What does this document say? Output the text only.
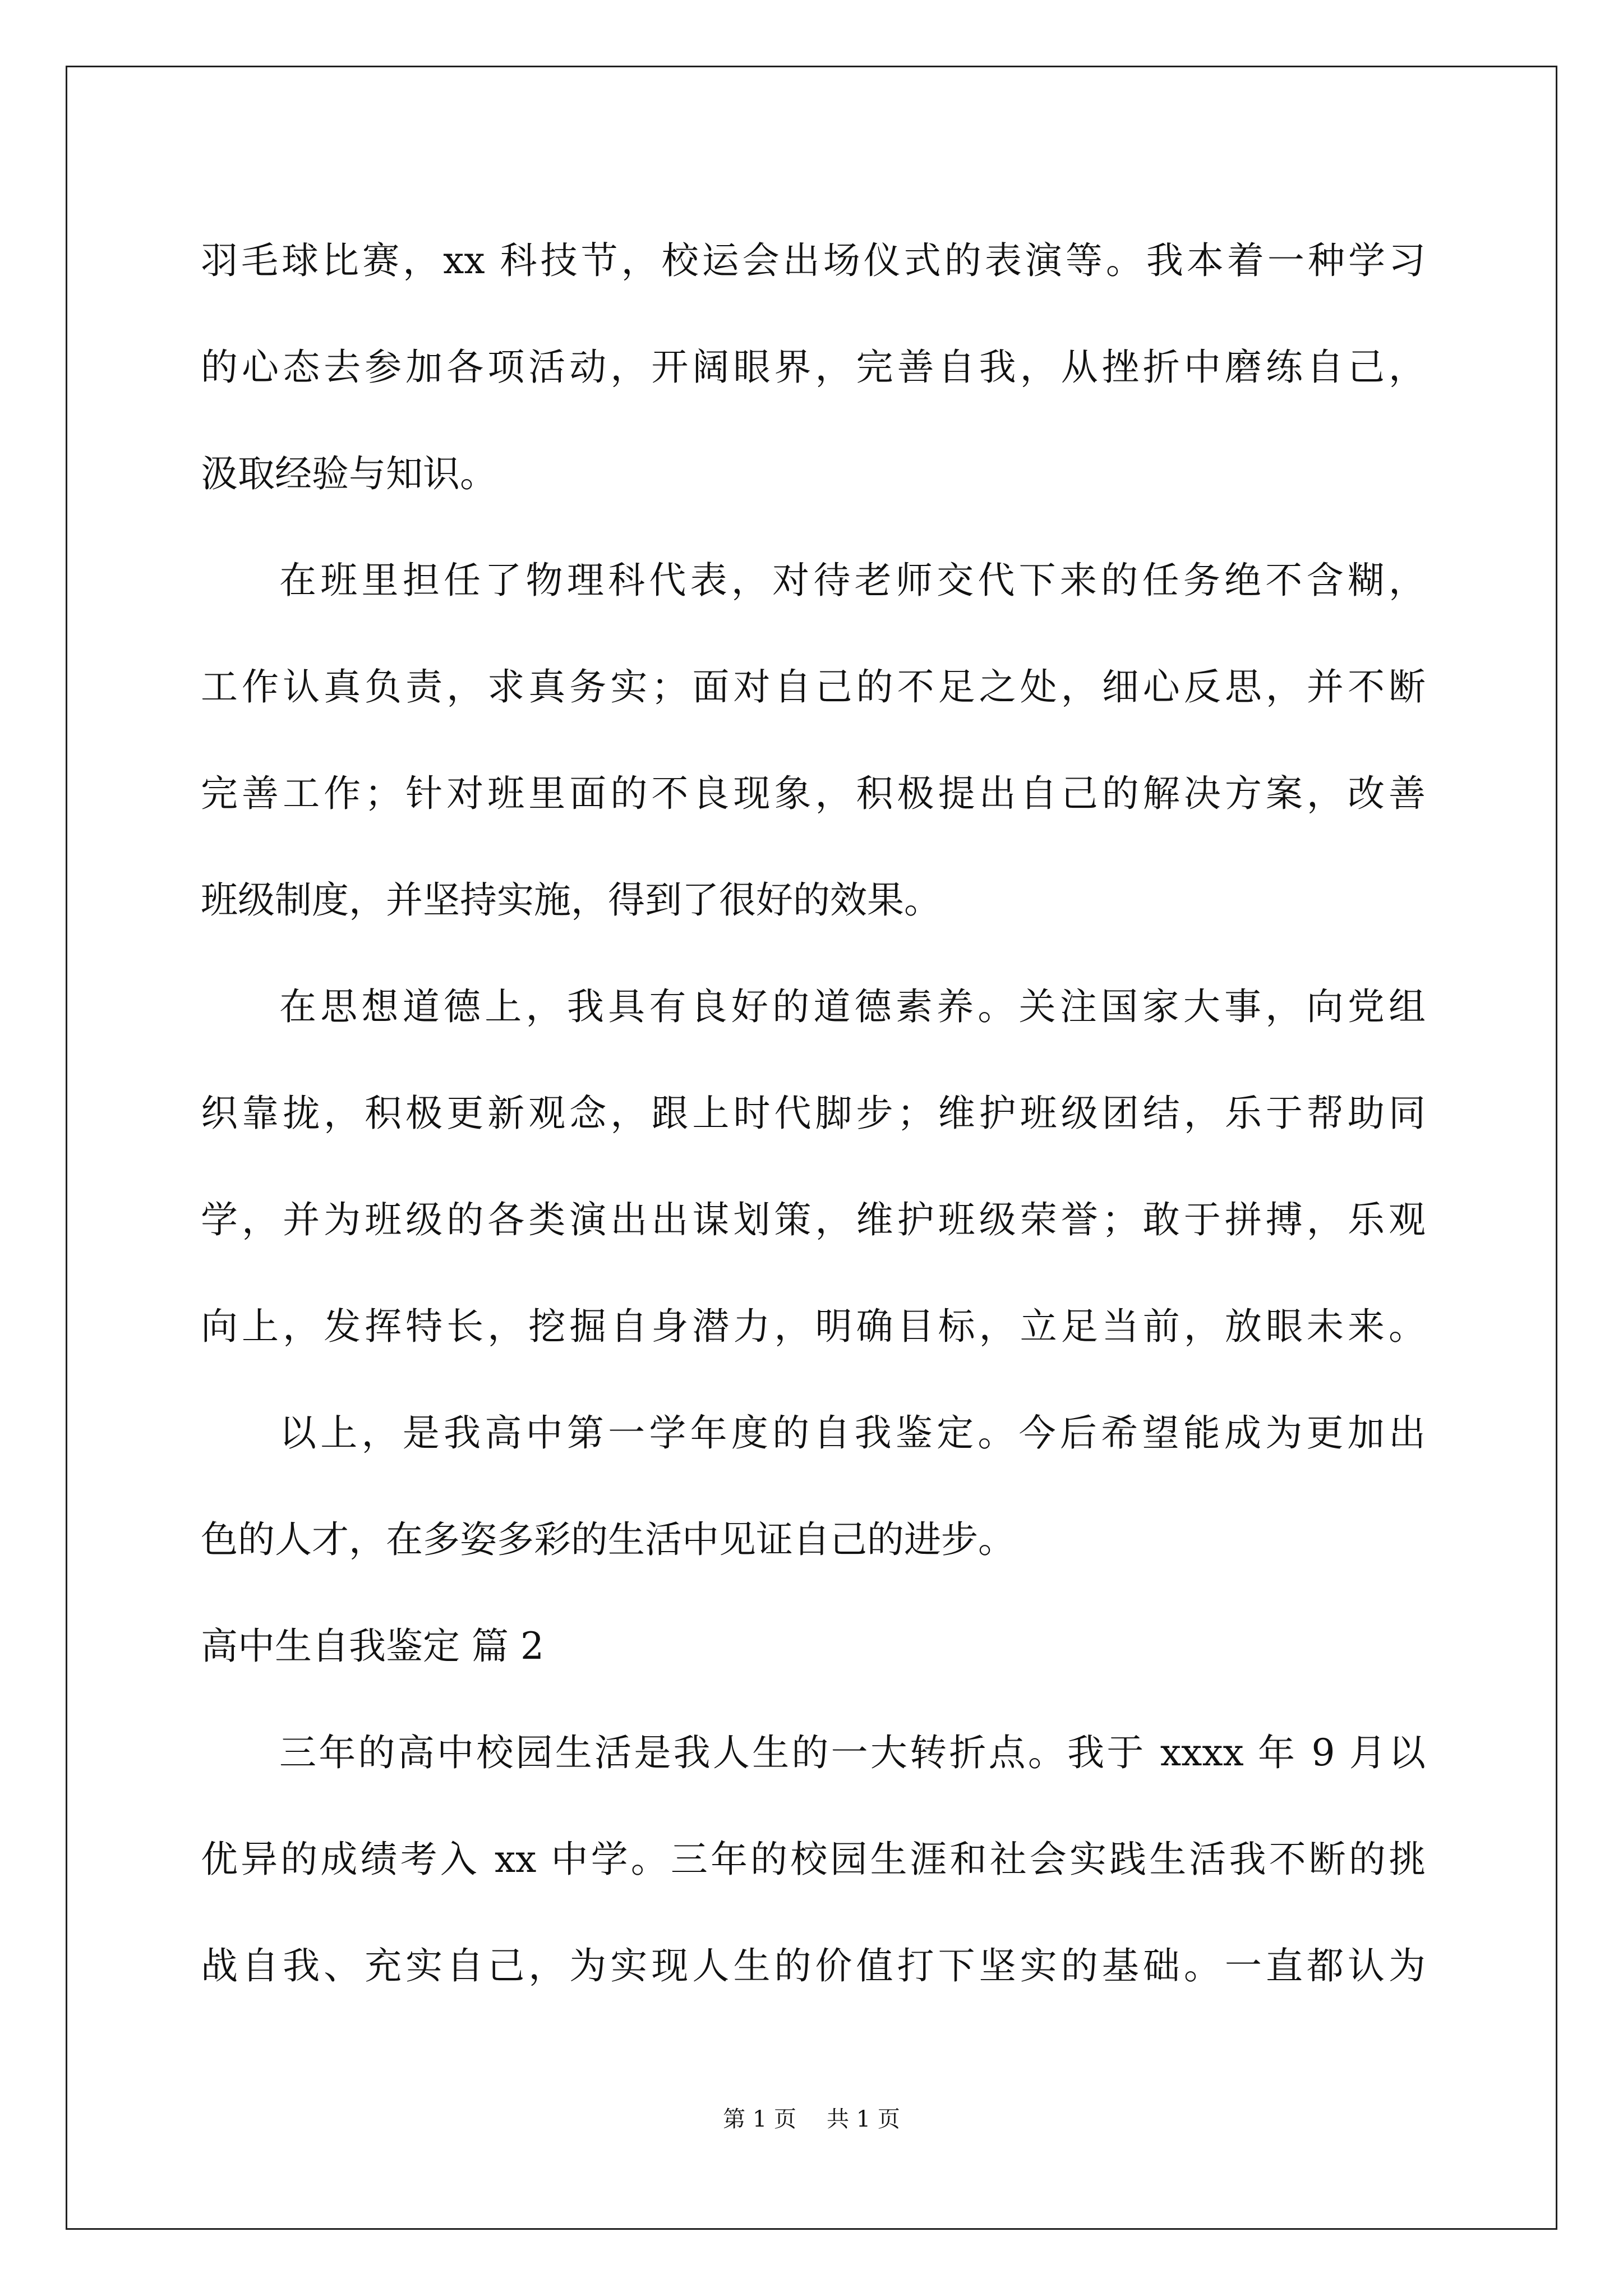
羽毛球比赛，xx 科技节，校运会出场仪式的表演等。我本着一种学习
的心态去参加各项活动，开阔眼界，完善自我，从挫折中磨练自己，
汲取经验与知识。
在班里担任了物理科代表，对待老师交代下来的任务绝不含糊，
工作认真负责，求真务实；面对自己的不足之处，细心反思，并不断
完善工作；针对班里面的不良现象，积极提出自己的解决方案，改善
班级制度，并坚持实施，得到了很好的效果。
在思想道德上，我具有良好的道德素养。关注国家大事，向党组
织靠拢，积极更新观念，跟上时代脚步；维护班级团结，乐于帮助同
学，并为班级的各类演出出谋划策，维护班级荣誉；敢于拼搏，乐观
向上，发挥特长，挖掘自身潜力，明确目标，立足当前，放眼未来。
以上，是我高中第一学年度的自我鉴定。今后希望能成为更加出
色的人才，在多姿多彩的生活中见证自己的进步。
高中生自我鉴定 篇 2
三年的高中校园生活是我人生的一大转折点。我于 xxxx 年 9 月以
优异的成绩考入 xx 中学。三年的校园生涯和社会实践生活我不断的挑
战自我、充实自己，为实现人生的价值打下坚实的基础。一直都认为
第 1 页 共 1 页
